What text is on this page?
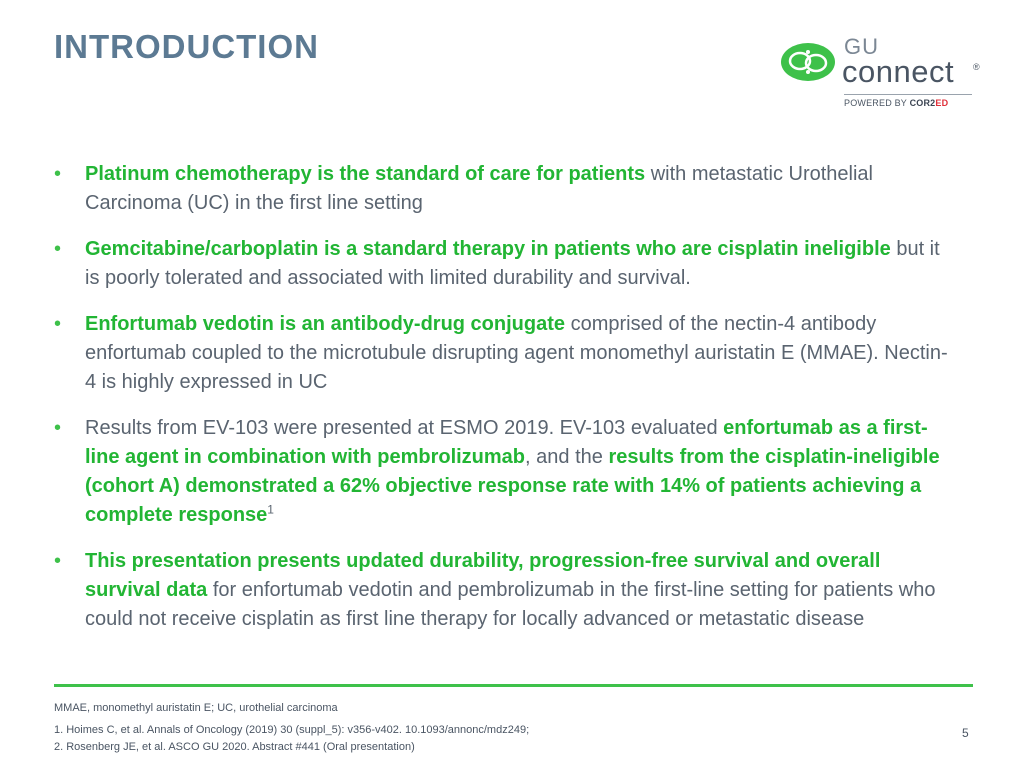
INTRODUCTION	GU
connect ®
POWERED BY COR2ED
• Platinum chemotherapy is the standard of care for patients with metastatic Urothelial Carcinoma (UC) in the first line setting
• Gemcitabine/carboplatin is a standard therapy in patients who are cisplatin ineligible but it is poorly tolerated and associated with limited durability and survival.
• Enfortumab vedotin is an antibody-drug conjugate comprised of the nectin-4 antibody enfortumab coupled to the microtubule disrupting agent monomethyl auristatin E (MMAE). Nectin-4 is highly expressed in UC
• Results from EV-103 were presented at ESMO 2019. EV-103 evaluated enfortumab as a first-line agent in combination with pembrolizumab, and the results from the cisplatin-ineligible (cohort A) demonstrated a 62% objective response rate with 14% of patients achieving a complete response$^1$
• This presentation presents updated durability, progression-free survival and overall survival data for enfortumab vedotin and pembrolizumab in the first-line setting for patients who could not receive cisplatin as first line therapy for locally advanced or metastatic disease
MMAE, monomethyl auristatin E; UC, urothelial carcinoma
1. Hoimes C, et al. Annals of Oncology (2019) 30 (suppl_5): v356-v402. 10.1093/annonc/mdz249;
2. Rosenberg JE, et al. ASCO GU 2020. Abstract #441 (Oral presentation)
5
